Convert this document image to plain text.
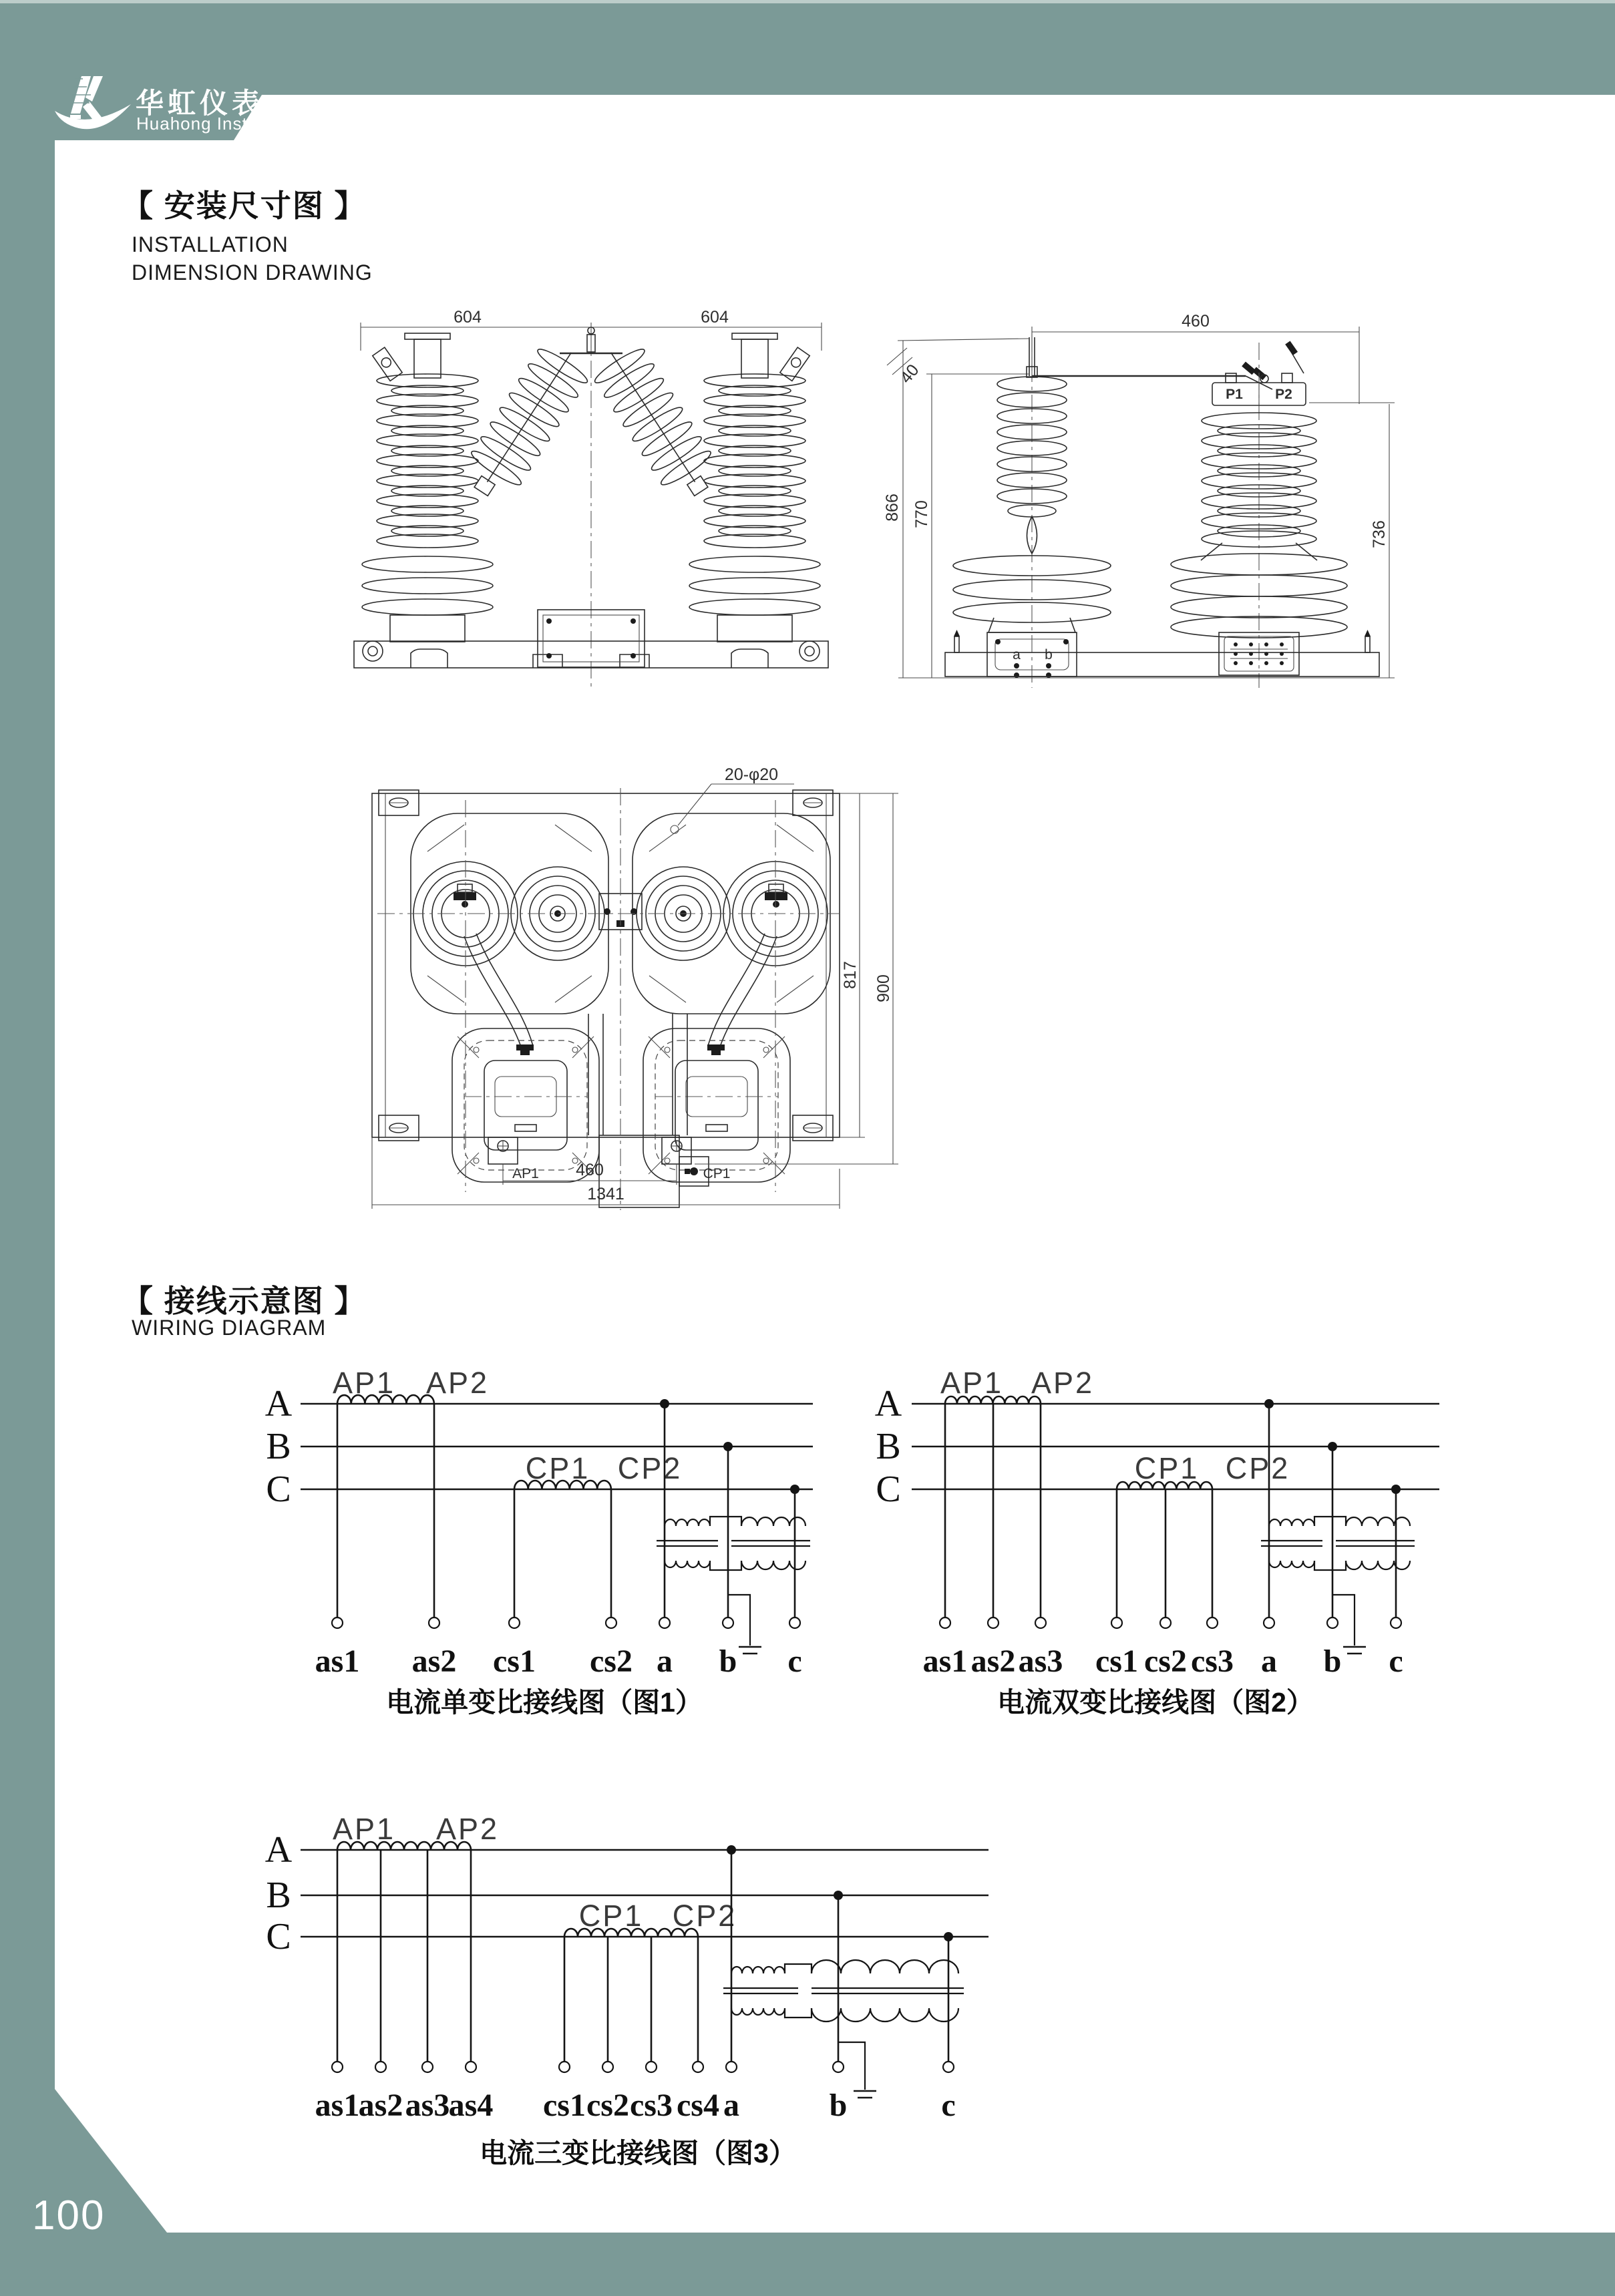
华虹仪表
Huahong Instrument
【 安装尺寸图 】
INSTALLATION
DIMENSION DRAWING
604	604	460
866 770
736
40
a b
P1 P2
AP1	CP1
20-φ20
817 900
460
1341
【 接线示意图 】
WIRING DIAGRAM
A
B
C
AP1 AP2
CP1 CP2
as1 as2 cs1 cs2 a b c
电流单变比接线图（图1）
A
B
C
AP1 AP2
CP1 CP2
as1 as2 as3 cs1 cs2 cs3 a b c
电流双变比接线图（图2）
A
B
C
AP1 AP2
CP1 CP2
as1
as2 as3
as4 cs1 cs2 cs3 cs4 a	b	c
电流三变比接线图（图3）
100
